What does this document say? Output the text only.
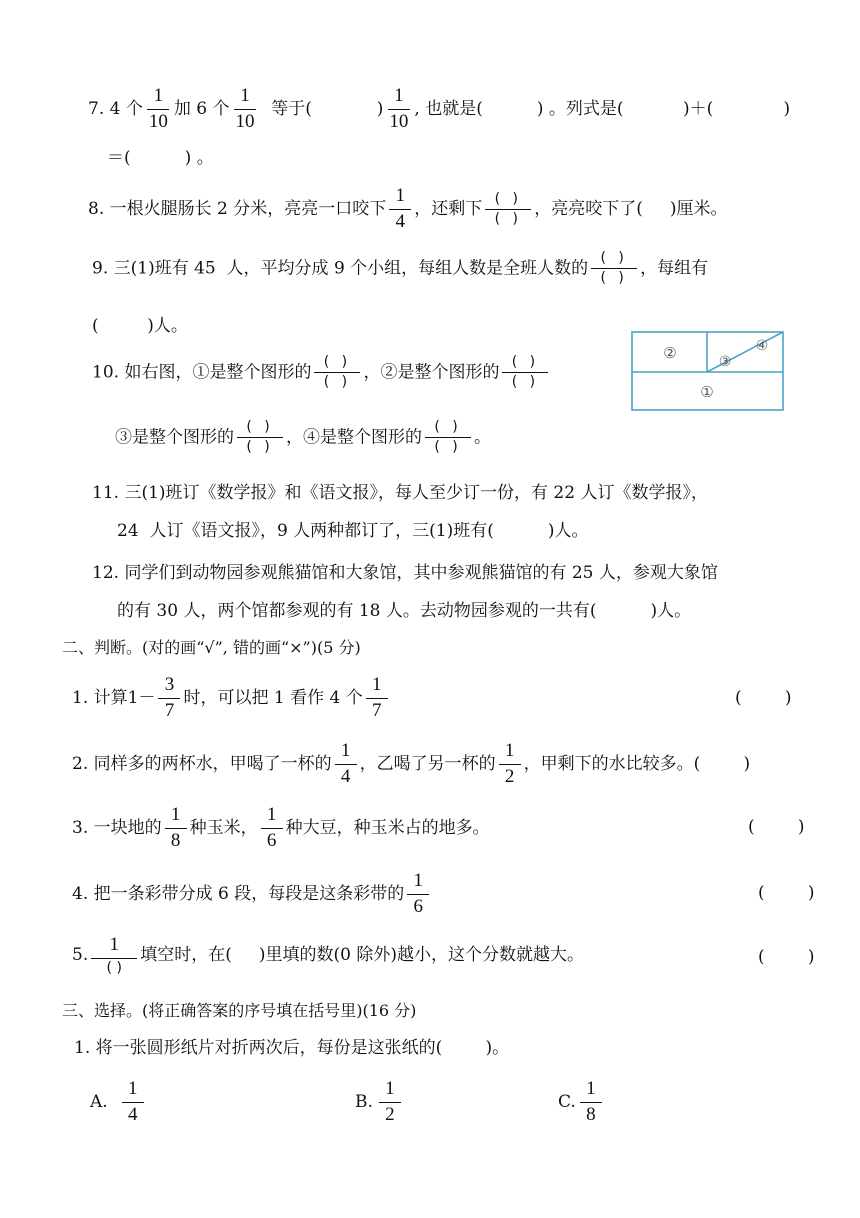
7. 4 个 $\frac{1}{10}$ 加 6 个 $\frac{1}{10}$ 等于(            ) $\frac{1}{10}$ , 也就是(          ) 。列式是(           )＋(             )
＝(          ) 。
8. 一根火腿肠长 2 分米，亮亮一口咬下 $\frac{1}{4}$ ，还剩下 $\frac{( )}{( )}$ ，亮亮咬下了(     )厘米。
9. 三(1)班有 45  人，平均分成 9 个小组，每组人数是全班人数的 $\frac{( )}{( )}$ ，每组有
(         )人。
10. 如右图，①是整个图形的 $\frac{( )}{( )}$ ，②是整个图形的 $\frac{( )}{( )}$
③是整个图形的 $\frac{( )}{( )}$ ，④是整个图形的 $\frac{( )}{( )}$ 。
②	③
④
①
11. 三(1)班订《数学报》和《语文报》，每人至少订一份，有 22 人订《数学报》，
24  人订《语文报》，9 人两种都订了，三(1)班有(          )人。
12. 同学们到动物园参观熊猫馆和大象馆，其中参观熊猫馆的有 25 人，参观大象馆
的有 30 人，两个馆都参观的有 18 人。去动物园参观的一共有(          )人。
二、判断。(对的画“√”, 错的画“×”)(5 分)
1. 计算$1- \frac{3}{7}$ 时，可以把 1 看作 4 个 $\frac{1}{7}$	(        )
2. 同样多的两杯水，甲喝了一杯的 $\frac{1}{4}$ ，乙喝了另一杯的 $\frac{1}{2}$ ，甲剩下的水比较多。(        )
3. 一块地的 $\frac{1}{8}$ 种玉米， $\frac{1}{6}$ 种大豆，种玉米占的地多。	(        )
4. 把一条彩带分成 6 段，每段是这条彩带的 $\frac{1}{6}$	(        )
5. $\frac{1}{( )}$ 填空时，在(     )里填的数(0 除外)越小，这个分数就越大。	(        )
三、选择。(将正确答案的序号填在括号里)(16 分)
1. 将一张圆形纸片对折两次后，每份是这张纸的(        )。
A. $\frac{1}{4}$	B. $\frac{1}{2}$	C. $\frac{1}{8}$
